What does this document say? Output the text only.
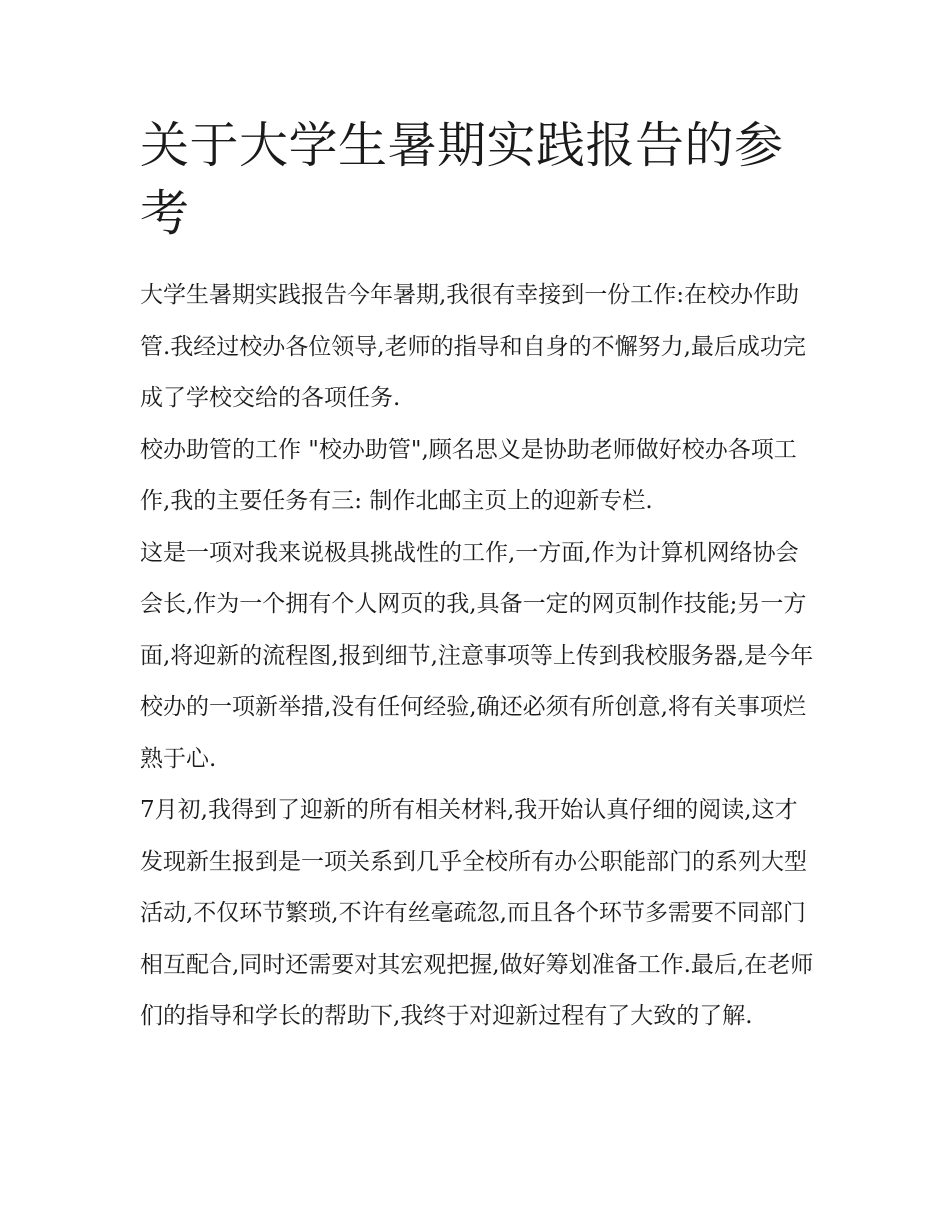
关于大学生暑期实践报告的参考

大学生暑期实践报告今年暑期,我很有幸接到一份工作:在校办作助管.我经过校办各位领导,老师的指导和自身的不懈努力,最后成功完成了学校交给的各项任务.

校办助管的工作 "校办助管",顾名思义是协助老师做好校办各项工作,我的主要任务有三: 制作北邮主页上的迎新专栏.

这是一项对我来说极具挑战性的工作,一方面,作为计算机网络协会会长,作为一个拥有个人网页的我,具备一定的网页制作技能;另一方面,将迎新的流程图,报到细节,注意事项等上传到我校服务器,是今年校办的一项新举措,没有任何经验,确还必须有所创意,将有关事项烂熟于心.

7月初,我得到了迎新的所有相关材料,我开始认真仔细的阅读,这才发现新生报到是一项关系到几乎全校所有办公职能部门的系列大型活动,不仅环节繁琐,不许有丝毫疏忽,而且各个环节多需要不同部门相互配合,同时还需要对其宏观把握,做好筹划准备工作.最后,在老师们的指导和学长的帮助下,我终于对迎新过程有了大致的了解.
